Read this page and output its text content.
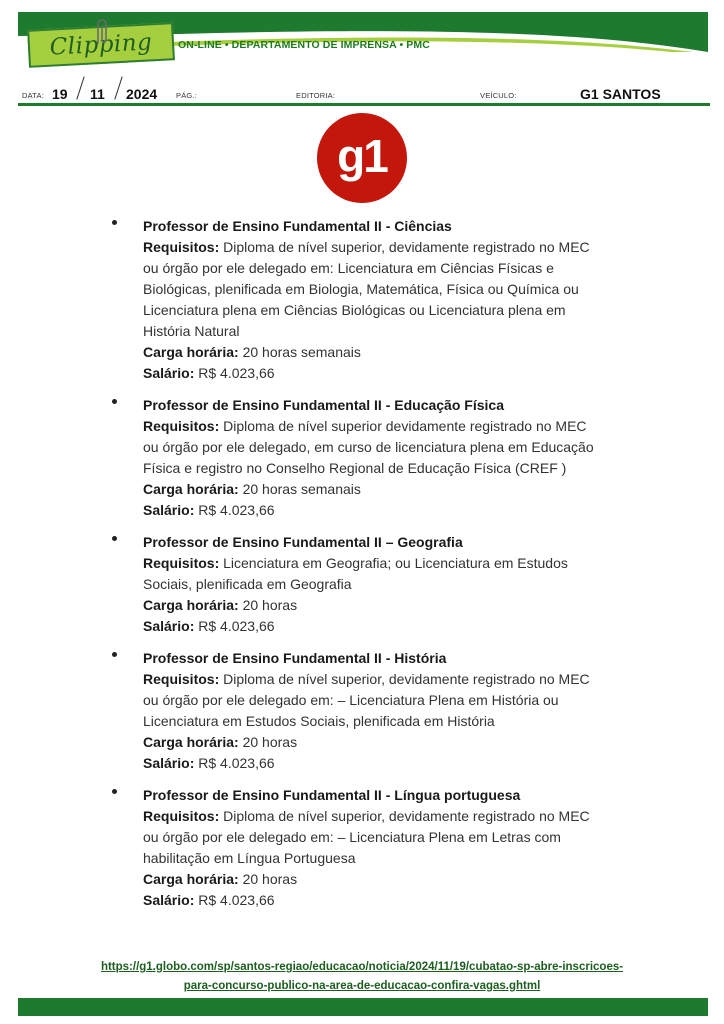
Clipping ON-LINE • DEPARTAMENTO DE IMPRENSA • PMC
DATA: 19 11 2024	PÁG.:	EDITORIA:	VEÍCULO:	G1 SANTOS
g1

Professor de Ensino Fundamental II - Ciências

Requisitos: Diploma de nível superior, devidamente registrado no MEC ou órgão por ele delegado em: Licenciatura em Ciências Físicas e Biológicas, plenificada em Biologia, Matemática, Física ou Química ou Licenciatura plena em Ciências Biológicas ou Licenciatura plena em História Natural

Carga horária: 20 horas semanais

Salário: R$ 4.023,66

Professor de Ensino Fundamental II - Educação Física

Requisitos: Diploma de nível superior devidamente registrado no MEC ou órgão por ele delegado, em curso de licenciatura plena em Educação Física e registro no Conselho Regional de Educação Física (CREF )

Carga horária: 20 horas semanais

Salário: R$ 4.023,66

Professor de Ensino Fundamental II – Geografia

Requisitos: Licenciatura em Geografia; ou Licenciatura em Estudos Sociais, plenificada em Geografia

Carga horária: 20 horas

Salário: R$ 4.023,66

Professor de Ensino Fundamental II - História

Requisitos: Diploma de nível superior, devidamente registrado no MEC ou órgão por ele delegado em: – Licenciatura Plena em História ou Licenciatura em Estudos Sociais, plenificada em História

Carga horária: 20 horas

Salário: R$ 4.023,66

Professor de Ensino Fundamental II - Língua portuguesa

Requisitos: Diploma de nível superior, devidamente registrado no MEC ou órgão por ele delegado em: – Licenciatura Plena em Letras com habilitação em Língua Portuguesa

Carga horária: 20 horas

Salário: R$ 4.023,66

https://g1.globo.com/sp/santos-regiao/educacao/noticia/2024/11/19/cubatao-sp-abre-inscricoes-
para-concurso-publico-na-area-de-educacao-confira-vagas.ghtml
